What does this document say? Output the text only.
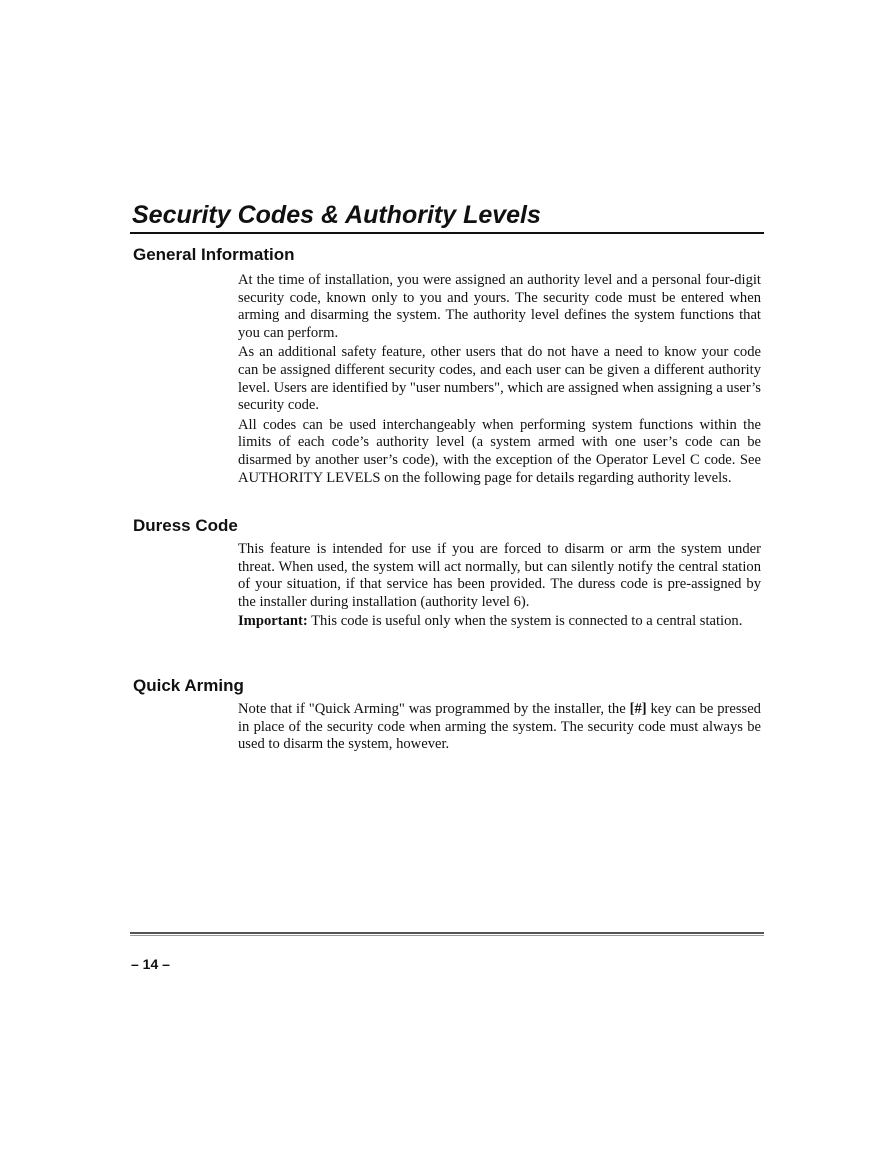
Security Codes & Authority Levels
General Information

At the time of installation, you were assigned an authority level and a personal four-digit security code, known only to you and yours. The security code must be entered when arming and disarming the system. The authority level defines the system functions that you can perform.

As an additional safety feature, other users that do not have a need to know your code can be assigned different security codes, and each user can be given a different authority level. Users are identified by "user numbers", which are assigned when assigning a user’s security code.

All codes can be used interchangeably when performing system functions within the limits of each code’s authority level (a system armed with one user’s code can be disarmed by another user’s code), with the exception of the Operator Level C code. See AUTHORITY LEVELS on the following page for details regarding authority levels.

Duress Code

This feature is intended for use if you are forced to disarm or arm the system under threat. When used, the system will act normally, but can silently notify the central station of your situation, if that service has been provided. The duress code is pre-assigned by the installer during installation (authority level 6).

Important: This code is useful only when the system is connected to a central station.

Quick Arming

Note that if "Quick Arming" was programmed by the installer, the [#] key can be pressed in place of the security code when arming the system. The security code must always be used to disarm the system, however.

– 14 –
